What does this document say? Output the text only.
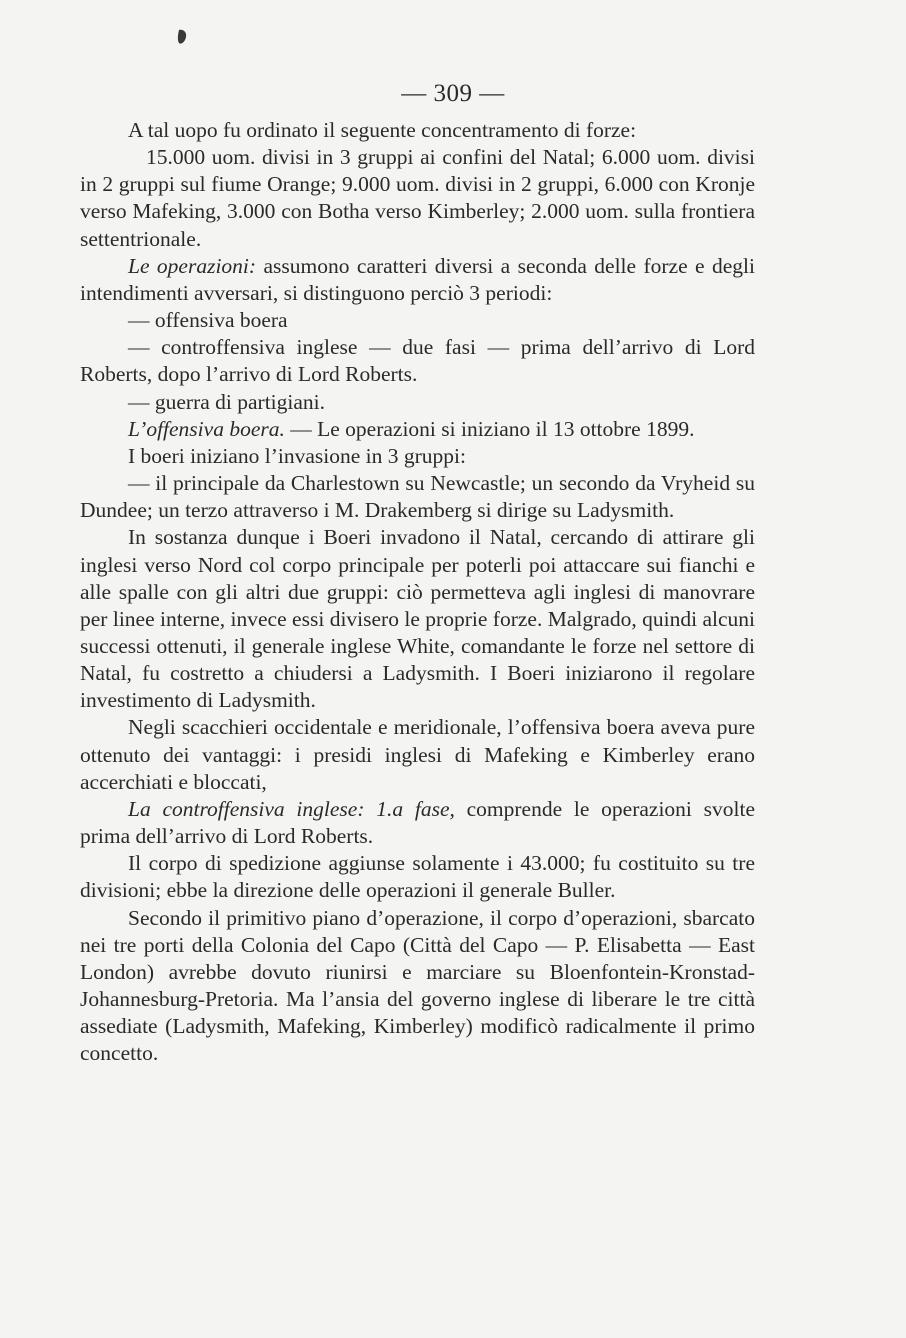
— 309 —

A tal uopo fu ordinato il seguente concentramento di forze:

15.000 uom. divisi in 3 gruppi ai confini del Natal; 6.000 uom. divisi in 2 gruppi sul fiume Orange; 9.000 uom. divisi in 2 gruppi, 6.000 con Kronje verso Mafeking, 3.000 con Botha verso Kimberley; 2.000 uom. sulla frontiera settentrionale.

Le operazioni: assumono caratteri diversi a seconda delle forze e degli intendimenti avversari, si distinguono perciò 3 periodi:

— offensiva boera

— controffensiva inglese — due fasi — prima dell’arrivo di Lord Roberts, dopo l’arrivo di Lord Roberts.

— guerra di partigiani.

L’offensiva boera. — Le operazioni si iniziano il 13 ottobre 1899.

I boeri iniziano l’invasione in 3 gruppi:

— il principale da Charlestown su Newcastle; un secondo da Vryheid su Dundee; un terzo attraverso i M. Drakemberg si dirige su Ladysmith.

In sostanza dunque i Boeri invadono il Natal, cercando di attirare gli inglesi verso Nord col corpo principale per poterli poi attaccare sui fianchi e alle spalle con gli altri due gruppi: ciò permetteva agli inglesi di manovrare per linee interne, invece essi divisero le proprie forze. Malgrado, quindi alcuni successi ottenuti, il generale inglese White, comandante le forze nel settore di Natal, fu costretto a chiudersi a Ladysmith. I Boeri iniziarono il regolare investimento di Ladysmith.

Negli scacchieri occidentale e meridionale, l’offensiva boera aveva pure ottenuto dei vantaggi: i presidi inglesi di Mafeking e Kimberley erano accerchiati e bloccati,

La controffensiva inglese: 1.a fase, comprende le operazioni svolte prima dell’arrivo di Lord Roberts.

Il corpo di spedizione aggiunse solamente i 43.000; fu costituito su tre divisioni; ebbe la direzione delle operazioni il generale Buller.

Secondo il primitivo piano d’operazione, il corpo d’operazioni, sbarcato nei tre porti della Colonia del Capo (Città del Capo — P. Elisabetta — East London) avrebbe dovuto riunirsi e marciare su Bloenfontein-Kronstad-Johannesburg-Pretoria. Ma l’ansia del governo inglese di liberare le tre città assediate (Ladysmith, Mafeking, Kimberley) modificò radicalmente il primo concetto.
